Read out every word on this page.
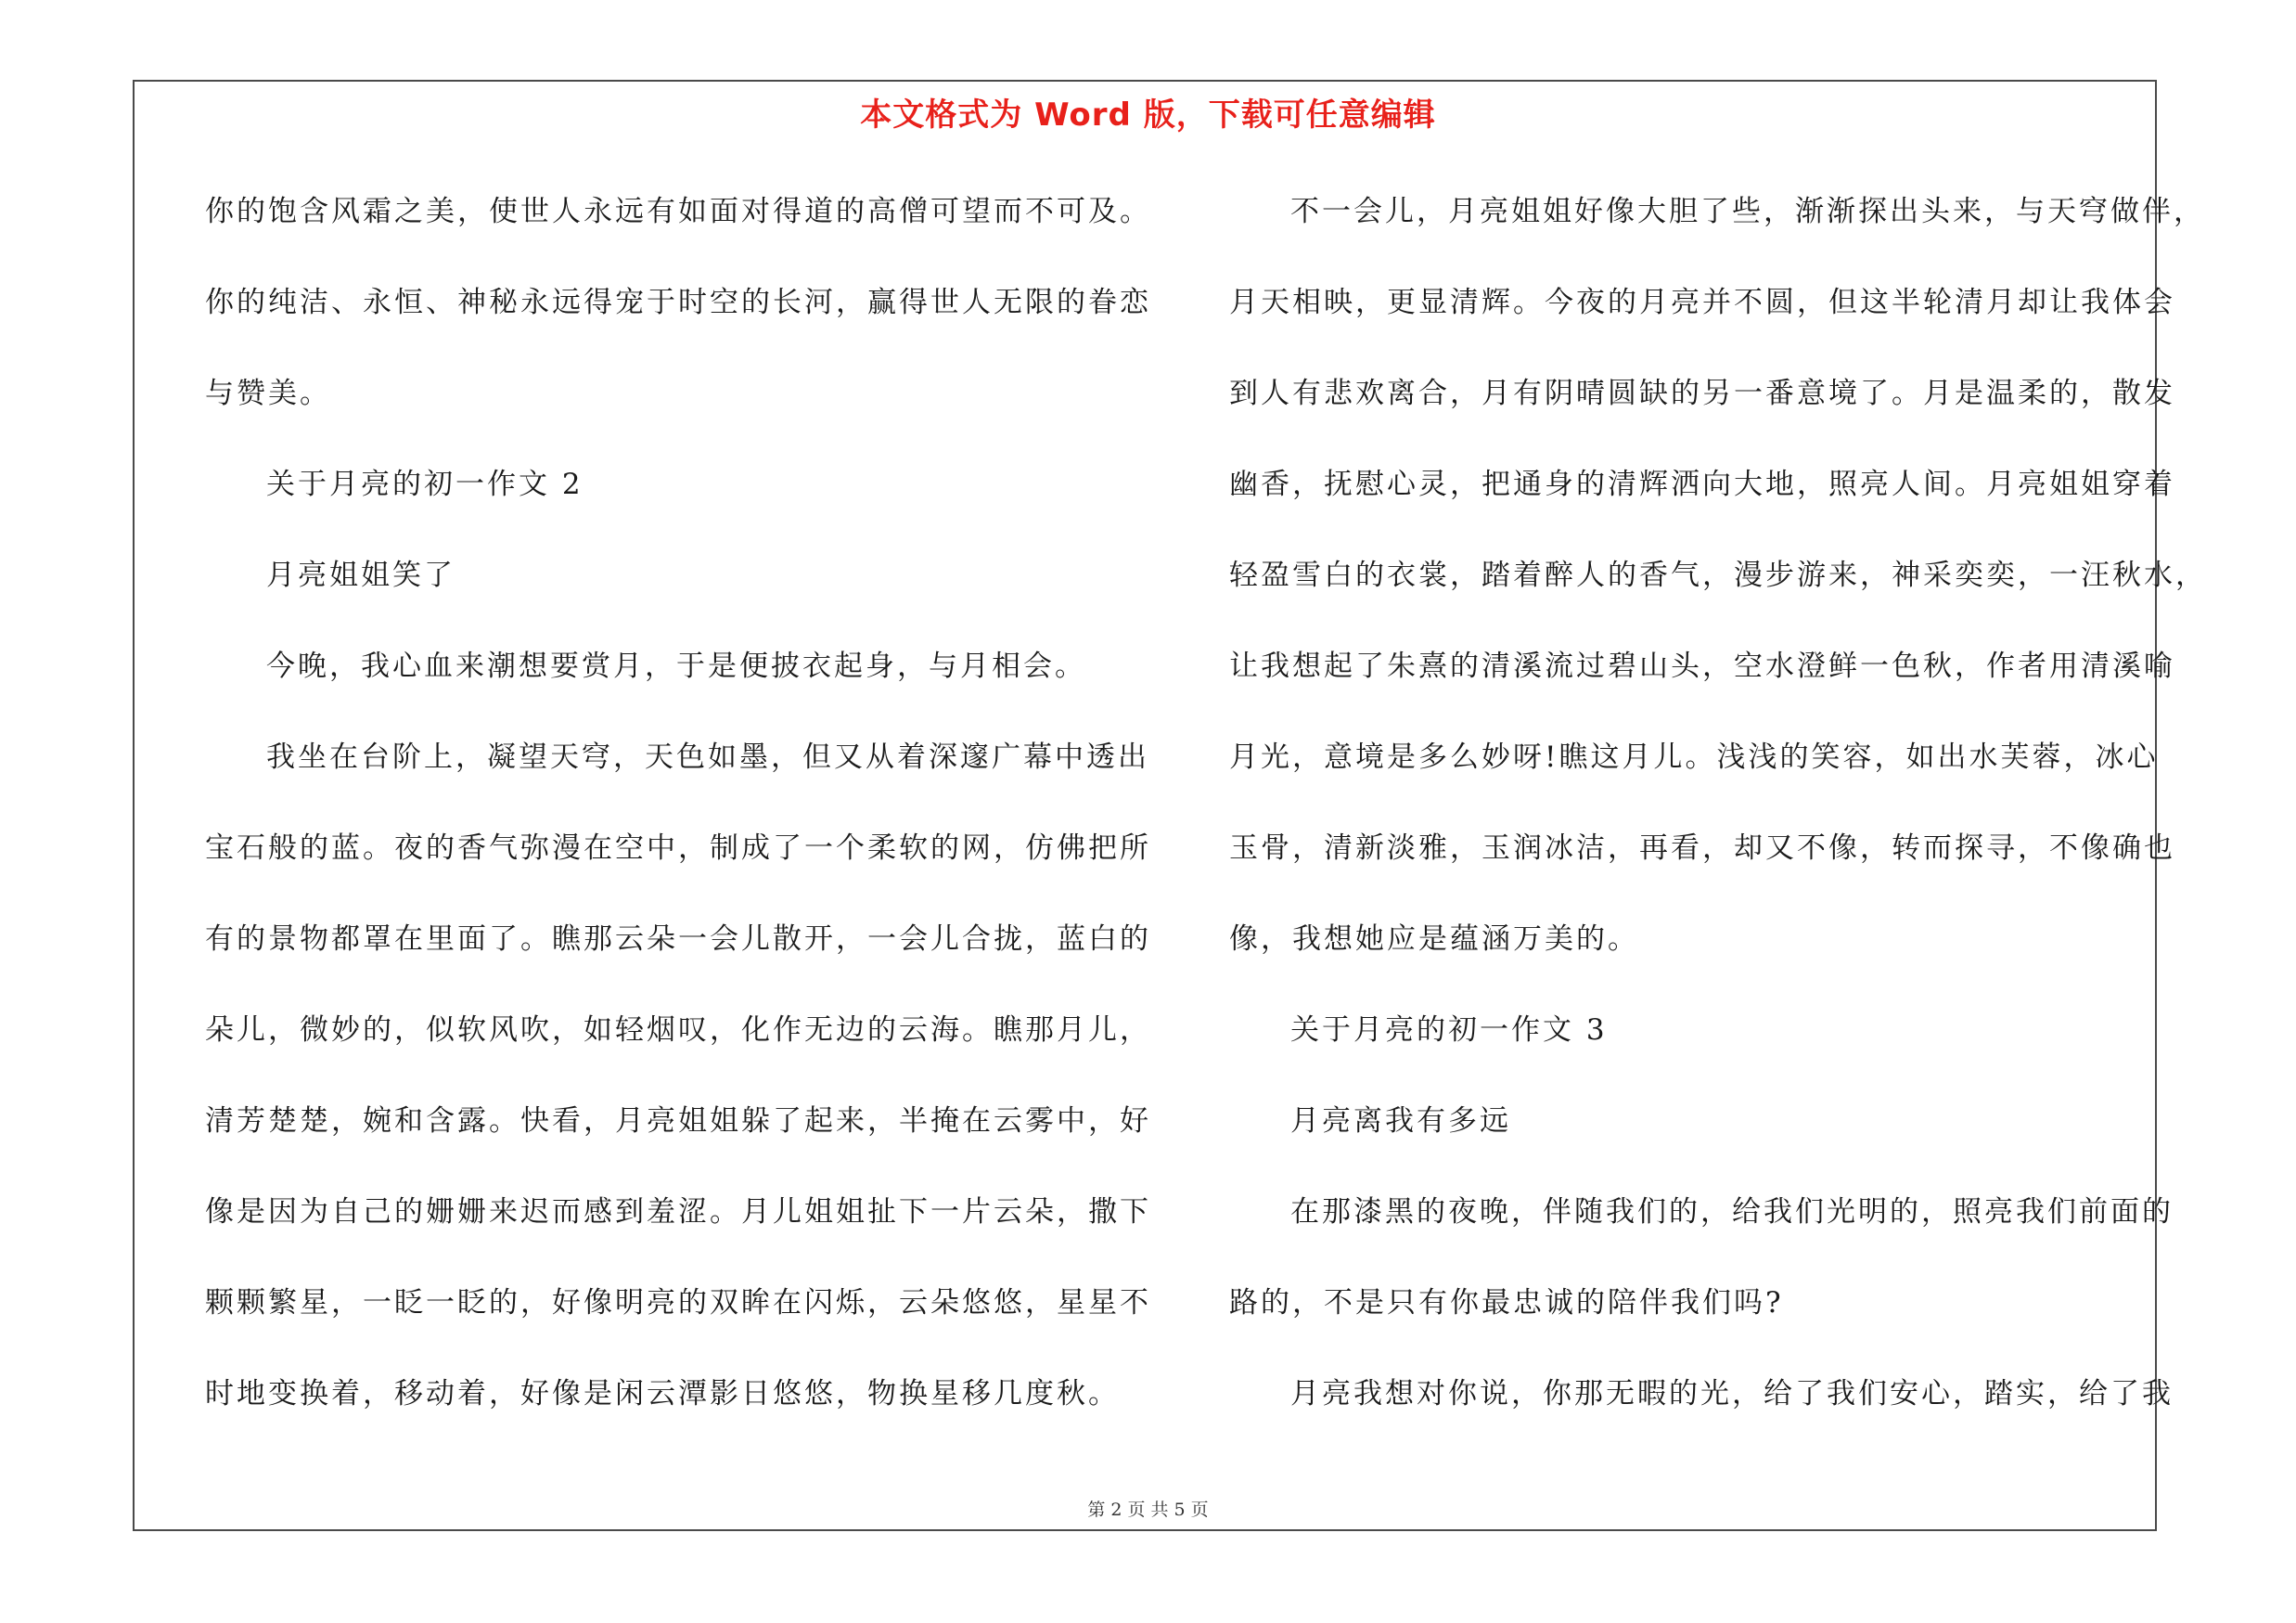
本文格式为 Word 版，下载可任意编辑
你的饱含风霜之美，使世人永远有如面对得道的高僧可望而不可及。
你的纯洁、永恒、神秘永远得宠于时空的长河，赢得世人无限的眷恋
与赞美。
关于月亮的初一作文 2
月亮姐姐笑了
今晚，我心血来潮想要赏月，于是便披衣起身，与月相会。
我坐在台阶上，凝望天穹，天色如墨，但又从着深邃广幕中透出
宝石般的蓝。夜的香气弥漫在空中，制成了一个柔软的网，仿佛把所
有的景物都罩在里面了。瞧那云朵一会儿散开，一会儿合拢，蓝白的
朵儿，微妙的，似软风吹，如轻烟叹，化作无边的云海。瞧那月儿，
清芳楚楚，婉和含露。快看，月亮姐姐躲了起来，半掩在云雾中，好
像是因为自己的姗姗来迟而感到羞涩。月儿姐姐扯下一片云朵，撒下
颗颗繁星，一眨一眨的，好像明亮的双眸在闪烁，云朵悠悠，星星不
时地变换着，移动着，好像是闲云潭影日悠悠，物换星移几度秋。
不一会儿，月亮姐姐好像大胆了些，渐渐探出头来，与天穹做伴，
月天相映，更显清辉。今夜的月亮并不圆，但这半轮清月却让我体会
到人有悲欢离合，月有阴晴圆缺的另一番意境了。月是温柔的，散发
幽香，抚慰心灵，把通身的清辉洒向大地，照亮人间。月亮姐姐穿着
轻盈雪白的衣裳，踏着醉人的香气，漫步游来，神采奕奕，一汪秋水，
让我想起了朱熹的清溪流过碧山头，空水澄鲜一色秋，作者用清溪喻
月光，意境是多么妙呀!瞧这月儿。浅浅的笑容，如出水芙蓉，冰心
玉骨，清新淡雅，玉润冰洁，再看，却又不像，转而探寻，不像确也
像，我想她应是蕴涵万美的。
关于月亮的初一作文 3
月亮离我有多远
在那漆黑的夜晚，伴随我们的，给我们光明的，照亮我们前面的
路的，不是只有你最忠诚的陪伴我们吗?
月亮我想对你说，你那无暇的光，给了我们安心，踏实，给了我
第 2 页 共 5 页
